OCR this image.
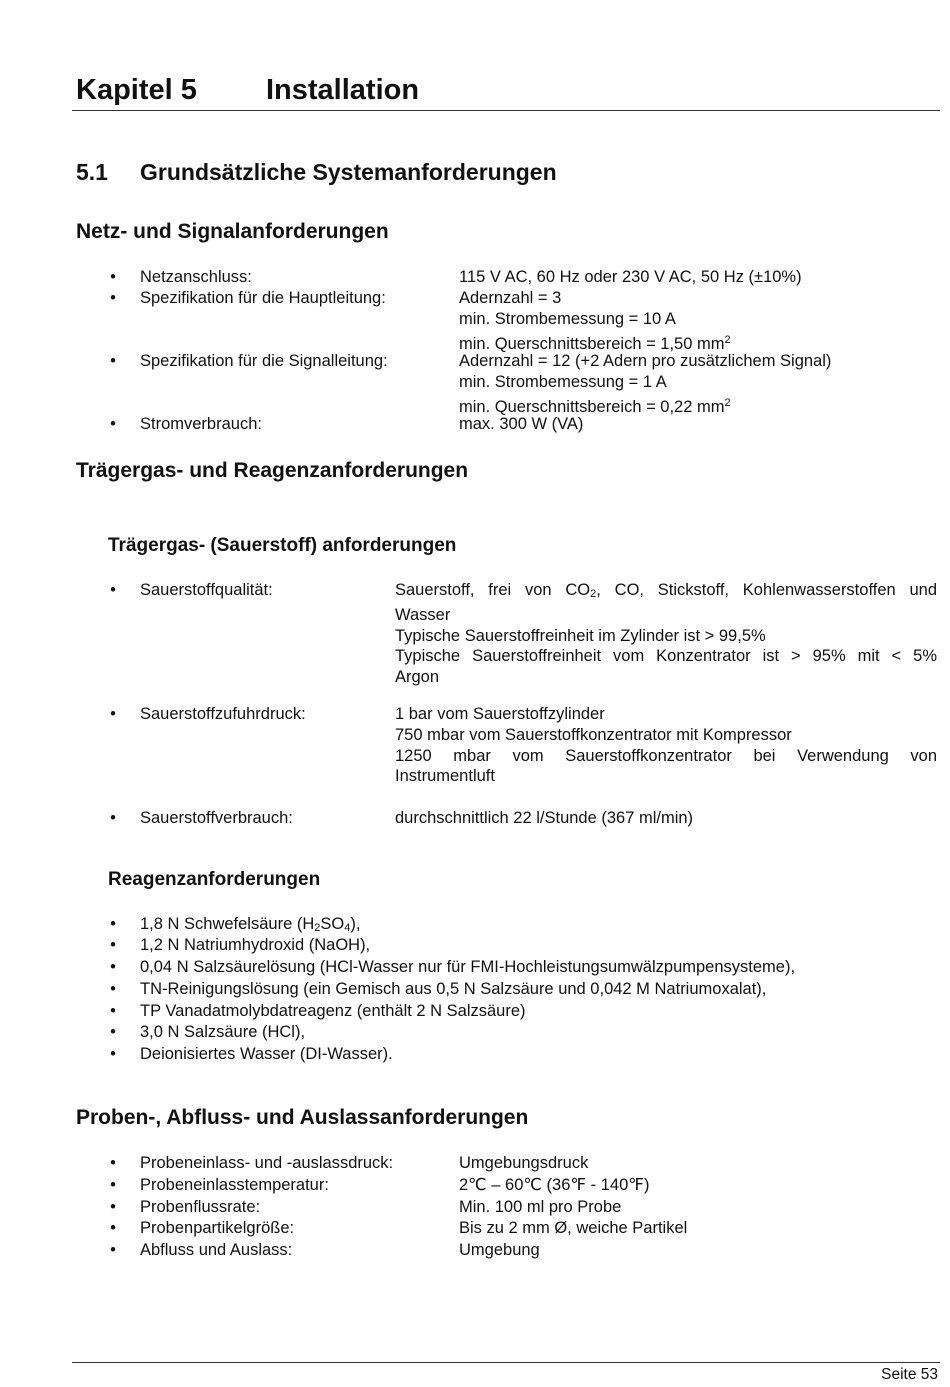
Kapitel 5 Installation
5.1 Grundsätzliche Systemanforderungen
Netz- und Signalanforderungen
• Netzanschluss:	115 V AC, 60 Hz oder 230 V AC, 50 Hz (±10%)
• Spezifikation für die Hauptleitung:	Adernzahl = 3
min. Strombemessung = 10 A
min. Querschnittsbereich = 1,50 $mm^2$
• Spezifikation für die Signalleitung:	Adernzahl = 12 (+2 Adern pro zusätzlichem Signal)
min. Strombemessung = 1 A
min. Querschnittsbereich = 0,22 $mm^2$
• Stromverbrauch:	max. 300 W (VA)
Trägergas- und Reagenzanforderungen
Trägergas- (Sauerstoff) anforderungen
• Sauerstoffqualität:	Sauerstoff, frei von $CO_2$, CO, Stickstoff, Kohlenwasserstoffen und
Wasser
Typische Sauerstoffreinheit im Zylinder ist > 99,5%
Typische Sauerstoffreinheit vom Konzentrator ist > 95% mit < 5%
Argon
• Sauerstoffzufuhrdruck:	1 bar vom Sauerstoffzylinder
750 mbar vom Sauerstoffkonzentrator mit Kompressor
1250 mbar vom Sauerstoffkonzentrator bei Verwendung von
Instrumentluft
• Sauerstoffverbrauch:	durchschnittlich 22 l/Stunde (367 ml/min)
Reagenzanforderungen
• 1,8 N Schwefelsäure $(H_2SO_4)$,
• 1,2 N Natriumhydroxid (NaOH),
• 0,04 N Salzsäurelösung (HCl-Wasser nur für FMI-Hochleistungsumwälzpumpensysteme),
• TN-Reinigungslösung (ein Gemisch aus 0,5 N Salzsäure und 0,042 M Natriumoxalat),
• TP Vanadatmolybdatreagenz (enthält 2 N Salzsäure)
• 3,0 N Salzsäure (HCl),
• Deionisiertes Wasser (DI-Wasser).
Proben-, Abfluss- und Auslassanforderungen
• Probeneinlass- und -auslassdruck:	Umgebungsdruck
• Probeneinlasstemperatur:	2℃ – 60℃ (36℉ - 140℉)
• Probenflussrate:	Min. 100 ml pro Probe
• Probenpartikelgröße:	Bis zu 2 mm Ø, weiche Partikel
• Abfluss und Auslass:	Umgebung
Seite 53
